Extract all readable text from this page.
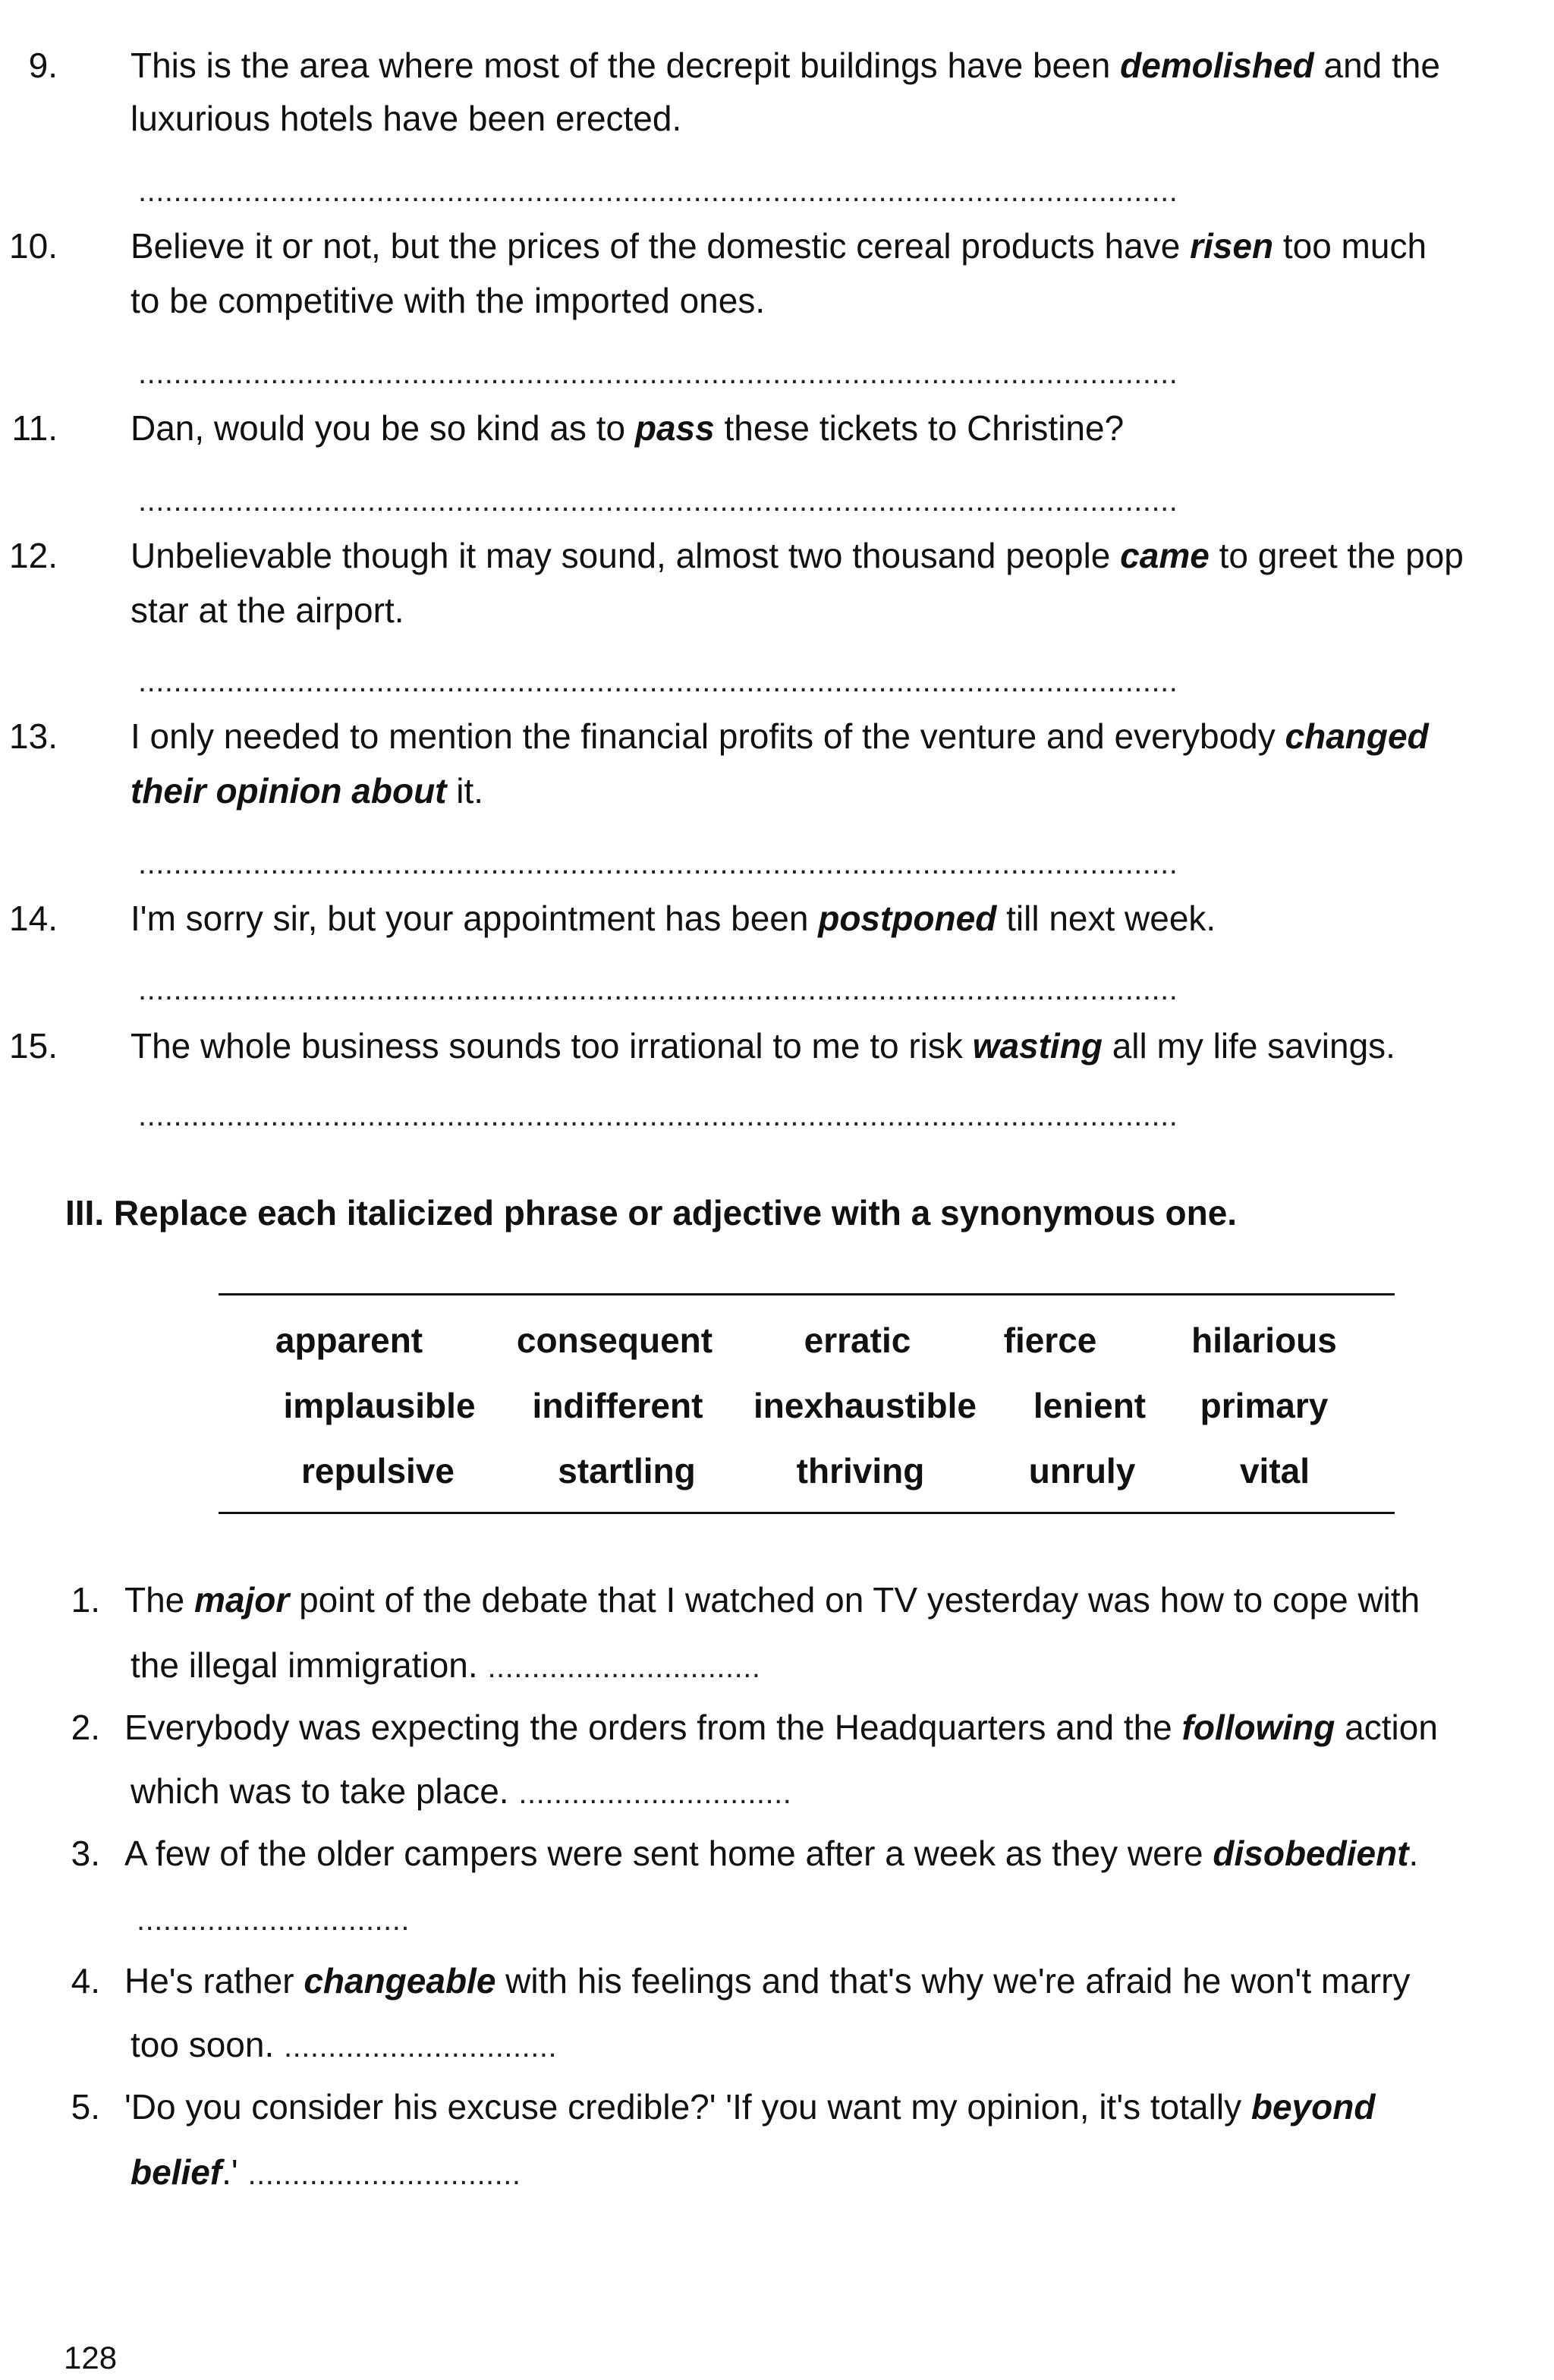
9. This is the area where most of the decrepit buildings have been demolished and the
luxurious hotels have been erected.
......................................................................................................................
10. Believe it or not, but the prices of the domestic cereal products have risen too much
to be competitive with the imported ones.
......................................................................................................................
11. Dan, would you be so kind as to pass these tickets to Christine?
......................................................................................................................
12. Unbelievable though it may sound, almost two thousand people came to greet the pop
star at the airport.
......................................................................................................................
13. I only needed to mention the financial profits of the venture and everybody changed
their opinion about it.
......................................................................................................................
14. I'm sorry sir, but your appointment has been postponed till next week.
......................................................................................................................
15. The whole business sounds too irrational to me to risk wasting all my life savings.
......................................................................................................................
III. Replace each italicized phrase or adjective with a synonymous one.
apparent	consequent	erratic	fierce	hilarious
implausible	indifferent	inexhaustible	lenient	primary
repulsive	startling	thriving	unruly	vital
1. The major point of the debate that I watched on TV yesterday was how to cope with
the illegal immigration. ...............................
2. Everybody was expecting the orders from the Headquarters and the following action
which was to take place. ...............................
3. A few of the older campers were sent home after a week as they were disobedient.
...............................
4. He's rather changeable with his feelings and that's why we're afraid he won't marry
too soon. ...............................
5. 'Do you consider his excuse credible?' 'If you want my opinion, it's totally beyond
belief.' ...............................
128
